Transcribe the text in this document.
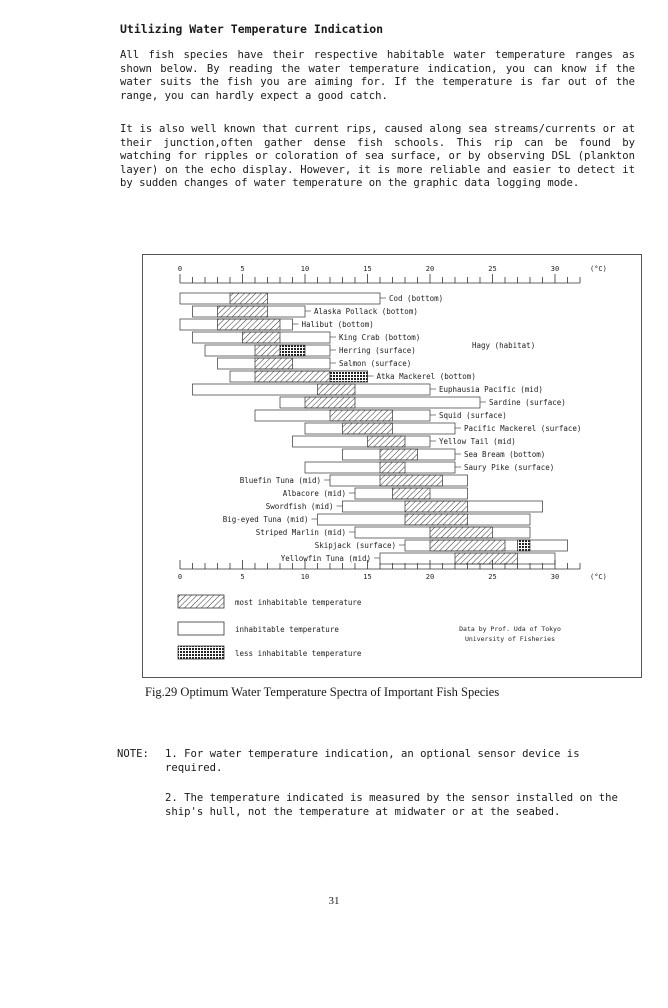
Utilizing Water Temperature Indication
All fish species have their respective habitable water temperature ranges as shown below. By reading the water temperature indication, you can know if the water suits the fish you are aiming for. If the temperature is far out of the range, you can hardly expect a good catch.
It is also well known that current rips, caused along sea streams/currents or at their junction,often gather dense fish schools. This rip can be found by watching for ripples or coloration of sea surface, or by observing DSL (plankton layer) on the echo display. However, it is more reliable and easier to detect it by sudden changes of water temperature on the graphic data logging mode.
0	5	10	15	20	25	30	(°C)
0	5	10	15	20	25	30	(°C)
Cod (bottom)
Alaska Pollack (bottom)
Halibut (bottom)
King Crab (bottom)
Herring (surface)
Salmon (surface)
Atka Mackerel (bottom)
Euphausia Pacific (mid)
Sardine (surface)
Squid (surface)
Pacific Mackerel (surface)
Yellow Tail (mid)
Sea Bream (bottom)
Saury Pike (surface)
Bluefin Tuna (mid)
Albacore (mid)
Swordfish (mid)
Big-eyed Tuna (mid)
Striped Marlin (mid)
Skipjack (surface)
Yellowfin Tuna (mid)
Hagy (habitat)
most inhabitable temperature
inhabitable temperature
less inhabitable temperature
Data by Prof. Uda of Tokyo
University of Fisheries
Fig.29 Optimum Water Temperature Spectra of Important Fish Species
NOTE: 1. For water temperature indication, an optional sensor device is required.
2. The temperature indicated is measured by the sensor installed on the ship's hull, not the temperature at midwater or at the seabed.
31
